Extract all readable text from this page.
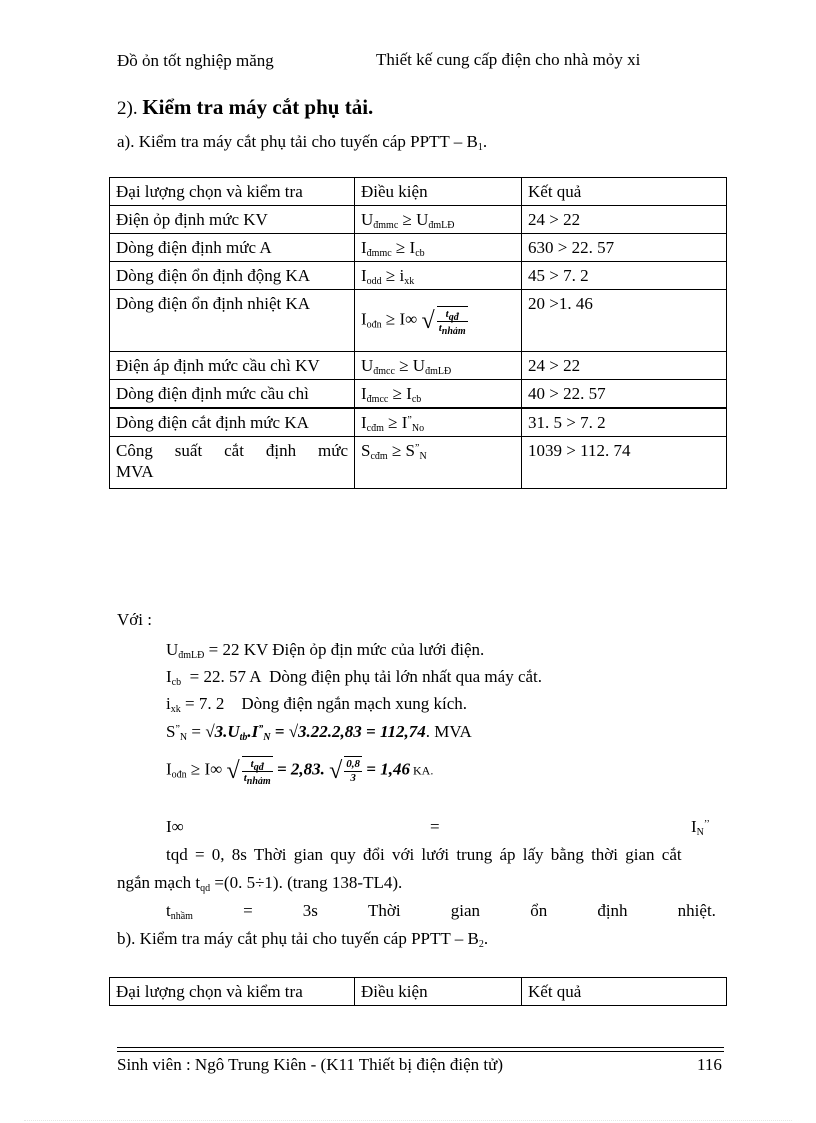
Đồ ỏn tốt nghiệp măng	Thiết kế cung cấp điện cho nhà mỏy xi
2). Kiểm tra máy cắt phụ tải.
a). Kiểm tra máy cắt phụ tải cho tuyến cáp PPTT – $B_1$.
Đại lượng chọn và kiểm tra	Điều kiện	Kết quả
Điện ỏp định mức KV	$U_{đmmc} \ge U_{đmLĐ}$	24 > 22
Dòng điện định mức A	$I_{đmmc} \ge I_{cb}$	630 > 22. 57
Dòng điện ổn định động KA	$I_{odd} \ge i_{xk}$	45 > 7. 2
Dòng điện ổn định nhiệt KA	$I_{ođn} \ge I\infty$ √ $\frac{t_{qđ}}{t_{nhảm}}$	20 >1. 46
Điện áp định mức cầu chì KV	$U_{đmcc} \ge U_{đmLĐ}$	24 > 22
Dòng điện định mức cầu chì	$I_{đmcc} \ge I_{cb}$	40 > 22. 57
Dòng điện cắt định mức KA	$I_{cđm} \ge I^”_{No}$	31. 5 > 7. 2
Công suất cắt định mức MVA	$S_{cđm} \ge S^”_N$	1039 > 112. 74
Với :
$U_{đmLĐ} = 22$ KV Điện ỏp địn mức của lưới điện.
$I_{cb} = 22$. 57 A  Dòng điện phụ tải lớn nhất qua máy cắt.
$i_{xk} = 7$. 2    Dòng điện ngắn mạch xung kích.
$S^”_N = √3.U_{tb}.I^”_N = √3.22.2,83 = 112,74$. MVA
$I_{ođn} \ge I\infty$ √ $\frac{t_{qđ}}{t_{nhảm}} = 2,83$. √ $\frac{0,8}{3} = 1,46$ KA.
I∞	=	$I_N^{’’}$
tqd = 0, 8s Thời gian quy đổi với lưới trung áp lấy bằng thời gian cắt
ngắn mạch $t_{qd} =(0$. 5÷1). (trang 138-TL4).
$t_{nhầm}$	=	3s	Thời	gian	ổn	định	nhiệt.
b). Kiểm tra máy cắt phụ tải cho tuyến cáp PPTT – $B_2$.
Đại lượng chọn và kiểm tra	Điều kiện	Kết quả
Sinh viên : Ngô Trung Kiên - (K11 Thiết bị điện điện tử)	116
